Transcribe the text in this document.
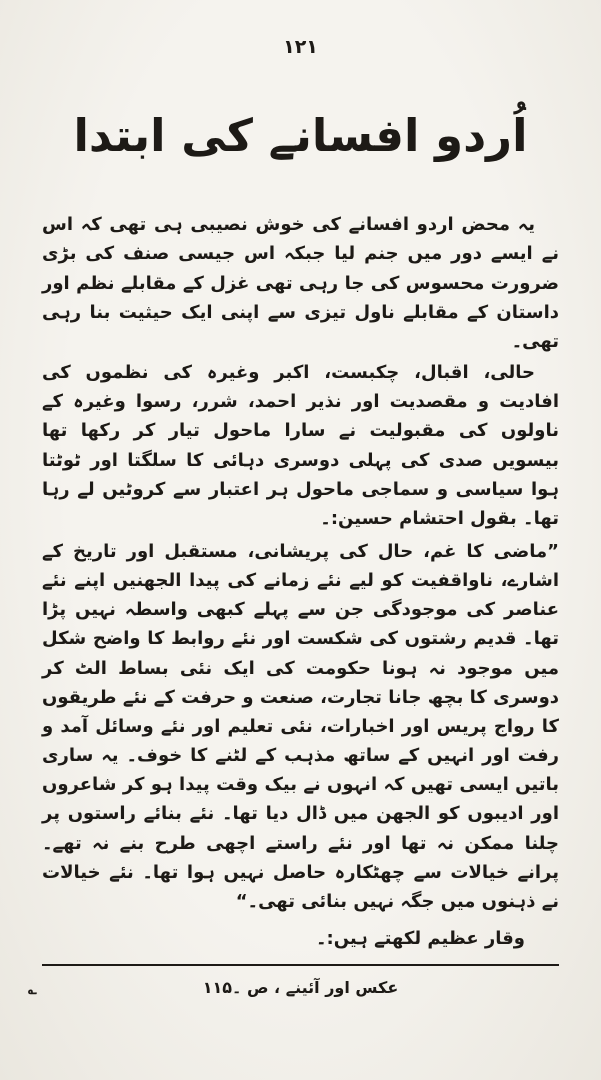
۱۲۱
اُردو افسانے کی ابتدا

یہ محض اردو افسانے کی خوش نصیبی ہی تھی کہ اس نے ایسے دور میں جنم لیا جبکہ اس جیسی صنف کی بڑی ضرورت محسوس کی جا رہی تھی غزل کے مقابلے نظم اور داستان کے مقابلے ناول تیزی سے اپنی ایک حیثیت بنا رہی تھی۔

حالی، اقبال، چکبست، اکبر وغیرہ کی نظموں کی افادیت و مقصدیت اور نذیر احمد، شرر، رسوا وغیرہ کے ناولوں کی مقبولیت نے سارا ماحول تیار کر رکھا تھا بیسویں صدی کی پہلی دوسری دہائی کا سلگتا اور ٹوٹتا ہوا سیاسی و سماجی ماحول ہر اعتبار سے کروٹیں لے رہا تھا۔ بقول احتشام حسین:۔

”ماضی کا غم، حال کی پریشانی، مستقبل اور تاریخ کے اشارے، ناواقفیت کو لیے نئے زمانے کی پیدا الجھنیں اپنے نئے عناصر کی موجودگی جن سے پہلے کبھی واسطہ نہیں پڑا تھا۔ قدیم رشتوں کی شکست اور نئے روابط کا واضح شکل میں موجود نہ ہونا حکومت کی ایک نئی بساط الٹ کر دوسری کا بچھ جانا تجارت، صنعت و حرفت کے نئے طریقوں کا رواج پریس اور اخبارات، نئی تعلیم اور نئے وسائل آمد و رفت اور انہیں کے ساتھ مذہب کے لٹنے کا خوف۔ یہ ساری باتیں ایسی تھیں کہ انہوں نے بیک وقت پیدا ہو کر شاعروں اور ادیبوں کو الجھن میں ڈال دیا تھا۔ نئے بنائے راستوں پر چلنا ممکن نہ تھا اور نئے راستے اچھی طرح بنے نہ تھے۔ پرانے خیالات سے چھٹکارہ حاصل نہیں ہوا تھا۔ نئے خیالات نے ذہنوں میں جگہ نہیں بنائی تھی۔“

وقار عظیم لکھتے ہیں:۔

؎	عکس اور آئینے ، ص ۔۱۱۵
